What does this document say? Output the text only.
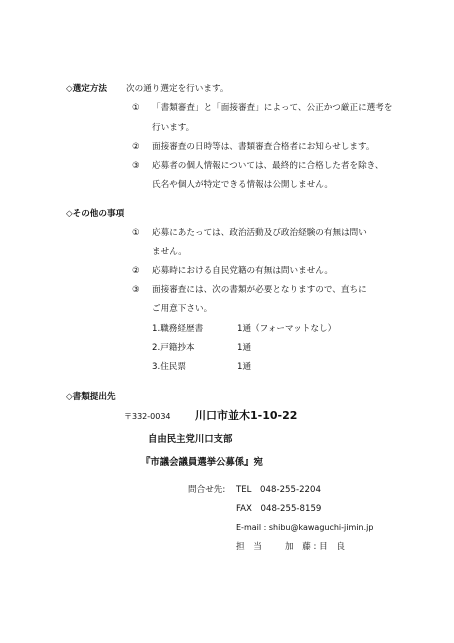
◇選定方法 次の通り選定を行います。
① 「書類審査」と「面接審査」によって、公正かつ厳正に選考を
行います。
② 面接審査の日時等は、書類審査合格者にお知らせします。
③ 応募者の個人情報については、最終的に合格した者を除き、
氏名や個人が特定できる情報は公開しません。
◇その他の事項
① 応募にあたっては、政治活動及び政治経験の有無は問い
ません。
② 応募時における自民党籍の有無は問いません。
③ 面接審査には、次の書類が必要となりますので、直ちに
ご用意下さい。
1.職務経歴書	1通（フォーマットなし）
2.戸籍抄本	1通
3.住民票	1通
◇書類提出先
〒332-0034 川口市並木1-10-22
自由民主党川口支部
『市議会議員選挙公募係』宛
問合せ先: TEL　048-255-2204
FAX　048-255-8159
E-mail : shibu@kawaguchi-jimin.jp
担　当	加　藤 : 目　良
